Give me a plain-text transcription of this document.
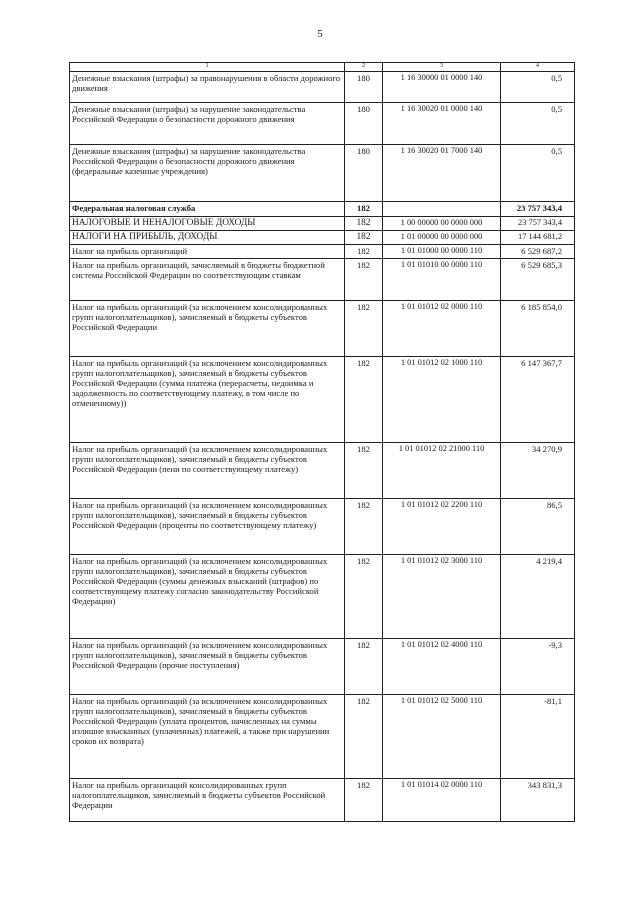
5
1	2	3	4
Денежные взыскания (штрафы) за правонарушения в области дорожного движения	180	1 16 30000 01 0000 140	0,5
Денежные взыскания (штрафы) за нарушение законодательства Российской Федерации о безопасности дорожного движения	180	1 16 30020 01 0000 140	0,5
Денежные взыскания (штрафы) за нарушение законодательства Российской Федерации о безопасности дорожного движения (федеральные казенные учреждения)	180	1 16 30020 01 7000 140	0,5
Федеральная налоговая служба	182		23 757 343,4
НАЛОГОВЫЕ И НЕНАЛОГОВЫЕ ДОХОДЫ	182	1 00 00000 00 0000 000	23 757 343,4
НАЛОГИ НА ПРИБЫЛЬ, ДОХОДЫ	182	1 01 00000 00 0000 000	17 144 681,2
Налог на прибыль организаций	182	1 01 01000 00 0000 110	6 529 687,2
Налог на прибыль организаций, зачисляемый в бюджеты бюджетной системы Российской Федерации по соответствующим ставкам	182	1 01 01010 00 0000 110	6 529 685,3
Налог на прибыль организаций (за исключением консолидированных групп налогоплательщиков), зачисляемый в бюджеты субъектов Российской Федерации	182	1 01 01012 02 0000 110	6 185 854,0
Налог на прибыль организаций (за исключением консолидированных групп налогоплательщиков), зачисляемый в бюджеты субъектов Российской Федерации (сумма платежа (перерасчеты, недоимка и задолженность по соответствующему платежу, в том числе по отмененному))	182	1 01 01012 02 1000 110	6 147 367,7
Налог на прибыль организаций (за исключением консолидированных групп налогоплательщиков), зачисляемый в бюджеты субъектов Российской Федерации (пени по соответствующему платежу)	182	1 01 01012 02 21000 110	34 270,9
Налог на прибыль организаций (за исключением консолидированных групп налогоплательщиков), зачисляемый в бюджеты субъектов Российской Федерации (проценты по соответствующему платежу)	182	1 01 01012 02 2200 110	86,5
Налог на прибыль организаций (за исключением консолидированных групп налогоплательщиков), зачисляемый в бюджеты субъектов Российской Федерации (суммы денежных взысканий (штрафов) по соответствующему платежу согласно законодательству Российской Федерации)	182	1 01 01012 02 3000 110	4 219,4
Налог на прибыль организаций (за исключением консолидированных групп налогоплательщиков), зачисляемый в бюджеты субъектов Российской Федерации (прочие поступления)	182	1 01 01012 02 4000 110	-9,3
Налог на прибыль организаций (за исключением консолидированных групп налогоплательщиков), зачисляемый в бюджеты субъектов Российской Федерации (уплата процентов, начисленных на суммы излишне взысканных (уплаченных) платежей, а также при нарушении сроков их возврата)	182	1 01 01012 02 5000 110	-81,1
Налог на прибыль организаций консолидированных групп налогоплательщиков, зачисляемый в бюджеты субъектов Российской Федерации	182	1 01 01014 02 0000 110	343 831,3
